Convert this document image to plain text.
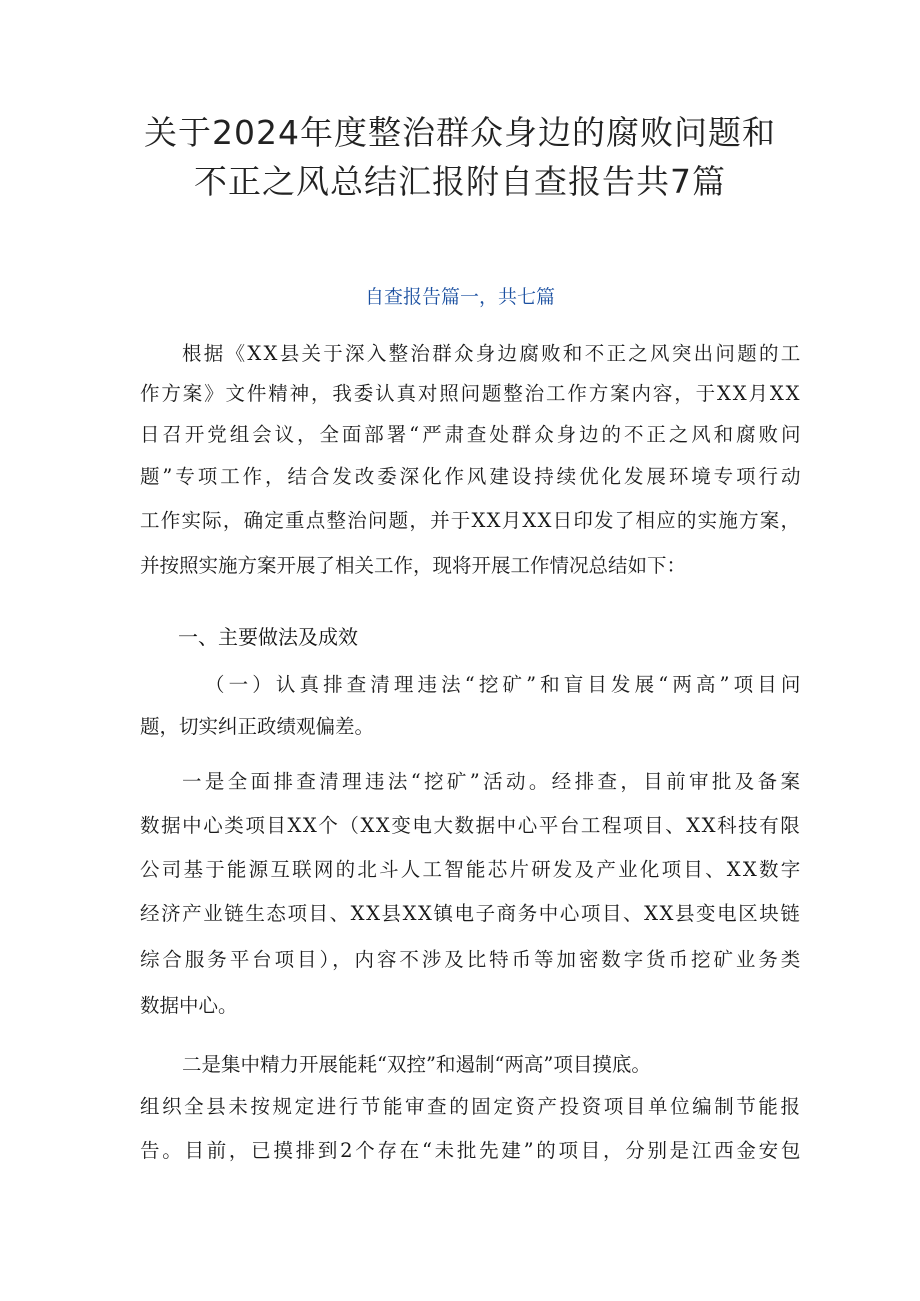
关于2024年度整治群众身边的腐败问题和
不正之风总结汇报附自查报告共7篇
自查报告篇一，共七篇
根据《XX县关于深入整治群众身边腐败和不正之风突出问题的工
作方案》文件精神，我委认真对照问题整治工作方案内容，于XX月XX
日召开党组会议，全面部署“严肃查处群众身边的不正之风和腐败问
题”专项工作，结合发改委深化作风建设持续优化发展环境专项行动
工作实际，确定重点整治问题，并于XX月XX日印发了相应的实施方案，
并按照实施方案开展了相关工作，现将开展工作情况总结如下：
一、主要做法及成效
（一）认真排查清理违法“挖矿”和盲目发展“两高”项目问
题，切实纠正政绩观偏差。
一是全面排查清理违法“挖矿”活动。经排查，目前审批及备案
数据中心类项目XX个（XX变电大数据中心平台工程项目、XX科技有限
公司基于能源互联网的北斗人工智能芯片研发及产业化项目、XX数字
经济产业链生态项目、XX县XX镇电子商务中心项目、XX县变电区块链
综合服务平台项目），内容不涉及比特币等加密数字货币挖矿业务类
数据中心。
二是集中精力开展能耗“双控”和遏制“两高”项目摸底。
组织全县未按规定进行节能审查的固定资产投资项目单位编制节能报
告。目前，已摸排到2个存在“未批先建”的项目，分别是江西金安包
